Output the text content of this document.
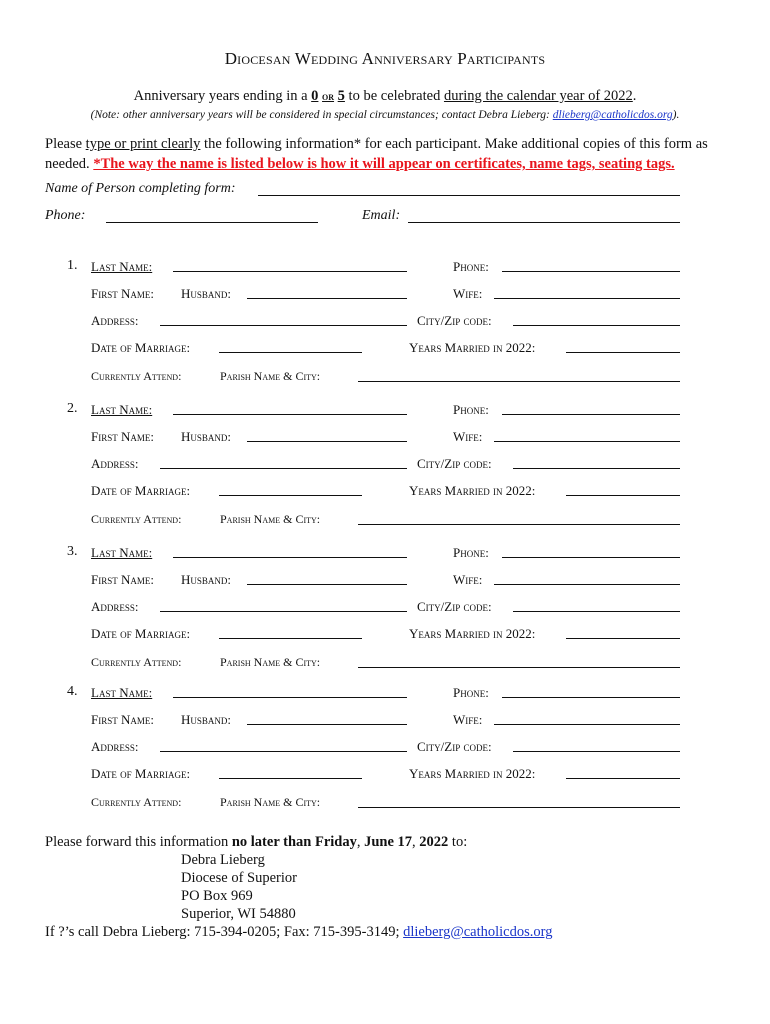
Diocesan Wedding Anniversary Participants
Anniversary years ending in a 0 or 5 to be celebrated during the calendar year of 2022.
(Note: other anniversary years will be considered in special circumstances; contact Debra Lieberg: dlieberg@catholicdos.org).
Please type or print clearly the following information* for each participant. Make additional copies of this form as needed. *The way the name is listed below is how it will appear on certificates, name tags, seating tags.
Name of Person completing form:
Phone:	Email:
1. Last Name:	Phone:
First Name: Husband:	Wife:
Address:	City/Zip code:
Date of Marriage:	Years Married in 2022:
Currently Attend:	Parish Name & City:
2. Last Name:	Phone:
First Name: Husband:	Wife:
Address:	City/Zip code:
Date of Marriage:	Years Married in 2022:
Currently Attend:	Parish Name & City:
3. Last Name:	Phone:
First Name: Husband:	Wife:
Address:	City/Zip code:
Date of Marriage:	Years Married in 2022:
Currently Attend:	Parish Name & City:
4. Last Name:	Phone:
First Name: Husband:	Wife:
Address:	City/Zip code:
Date of Marriage:	Years Married in 2022:
Currently Attend:	Parish Name & City:
Please forward this information no later than Friday, June 17, 2022 to:
Debra Lieberg
Diocese of Superior
PO Box 969
Superior, WI 54880
If ?’s call Debra Lieberg: 715-394-0205; Fax: 715-395-3149; dlieberg@catholicdos.org
